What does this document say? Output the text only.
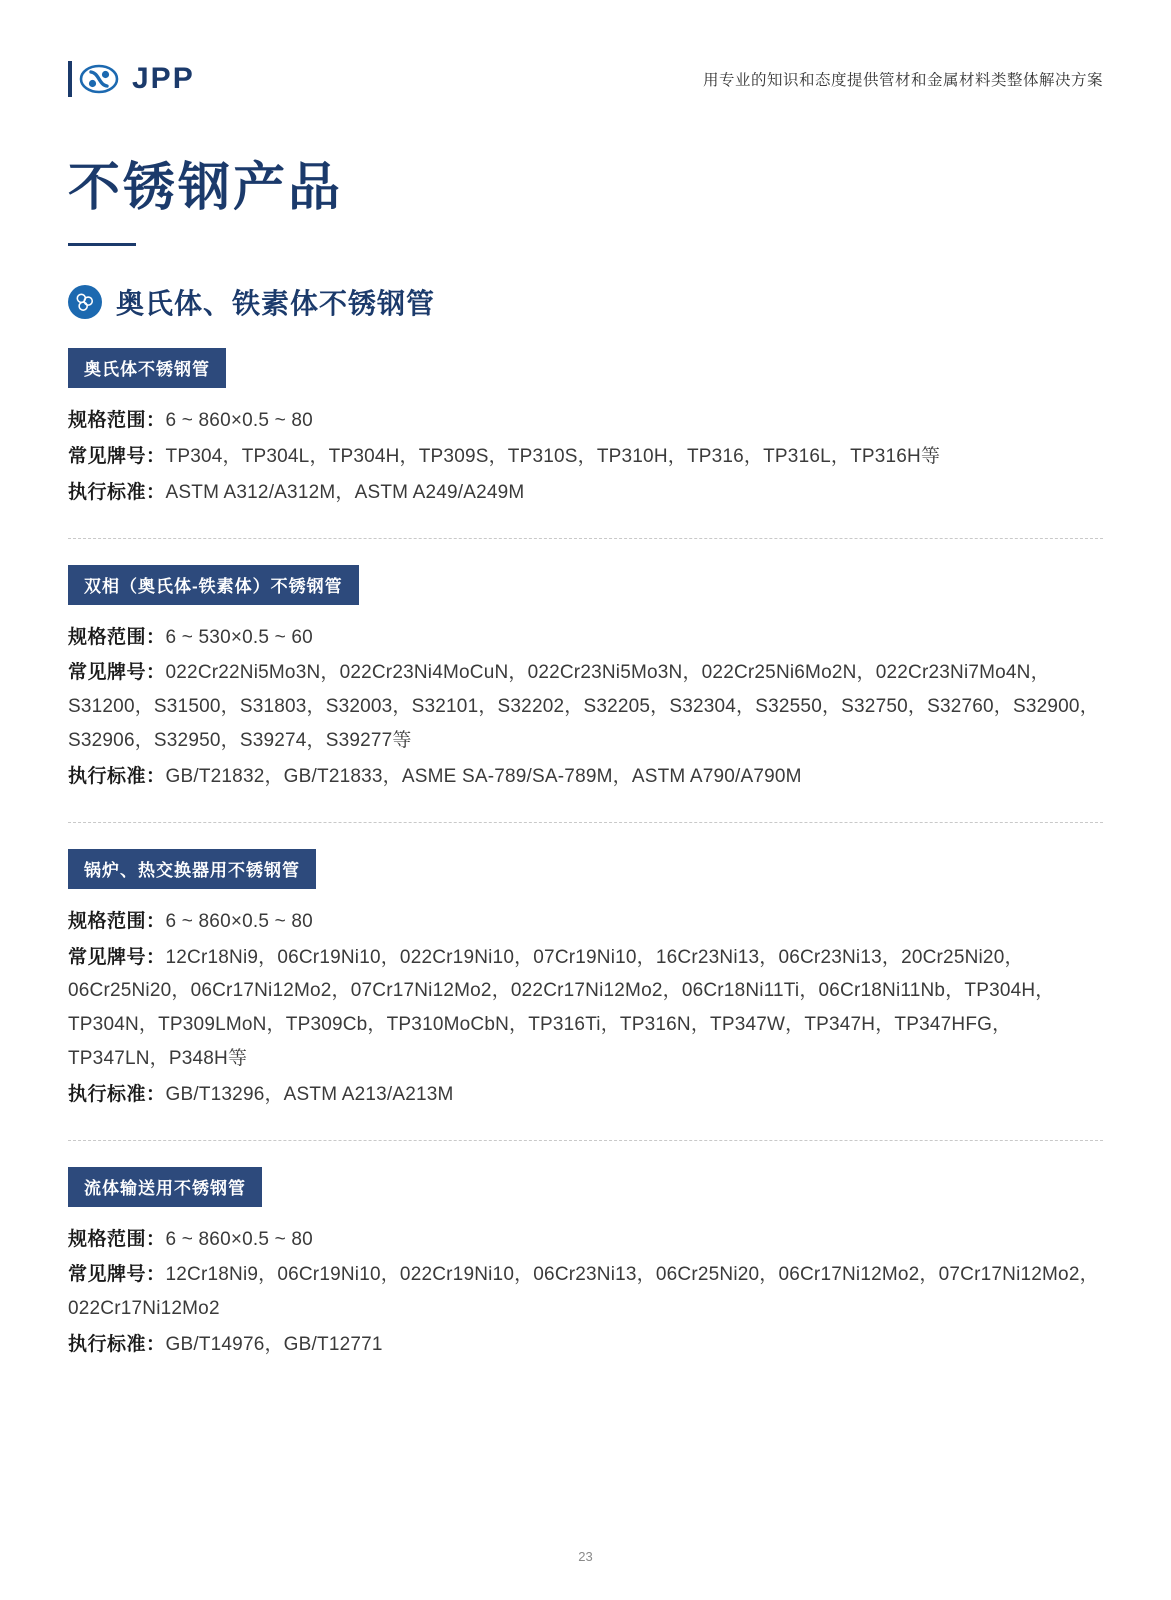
JPP	用专业的知识和态度提供管材和金属材料类整体解决方案
不锈钢产品
奥氏体、铁素体不锈钢管
奥氏体不锈钢管

规格范围：6 ~ 860×0.5 ~ 80

常见牌号：TP304，TP304L，TP304H，TP309S，TP310S，TP310H，TP316，TP316L，TP316H等

执行标准：ASTM A312/A312M，ASTM A249/A249M

双相（奥氏体-铁素体）不锈钢管

规格范围：6 ~ 530×0.5 ~ 60

常见牌号：022Cr22Ni5Mo3N，022Cr23Ni4MoCuN，022Cr23Ni5Mo3N，022Cr25Ni6Mo2N，022Cr23Ni7Mo4N，S31200，S31500，S31803，S32003，S32101，S32202，S32205，S32304，S32550，S32750，S32760，S32900，S32906，S32950，S39274，S39277等

执行标准：GB/T21832，GB/T21833，ASME SA-789/SA-789M，ASTM A790/A790M

锅炉、热交换器用不锈钢管

规格范围：6 ~ 860×0.5 ~ 80

常见牌号：12Cr18Ni9，06Cr19Ni10，022Cr19Ni10，07Cr19Ni10，16Cr23Ni13，06Cr23Ni13，20Cr25Ni20，06Cr25Ni20，06Cr17Ni12Mo2，07Cr17Ni12Mo2，022Cr17Ni12Mo2，06Cr18Ni11Ti，06Cr18Ni11Nb，TP304H，TP304N，TP309LMoN，TP309Cb，TP310MoCbN，TP316Ti，TP316N，TP347W，TP347H，TP347HFG，TP347LN，P348H等

执行标准：GB/T13296，ASTM A213/A213M

流体输送用不锈钢管

规格范围：6 ~ 860×0.5 ~ 80

常见牌号：12Cr18Ni9，06Cr19Ni10，022Cr19Ni10，06Cr23Ni13，06Cr25Ni20，06Cr17Ni12Mo2，07Cr17Ni12Mo2，022Cr17Ni12Mo2

执行标准：GB/T14976，GB/T12771

23
